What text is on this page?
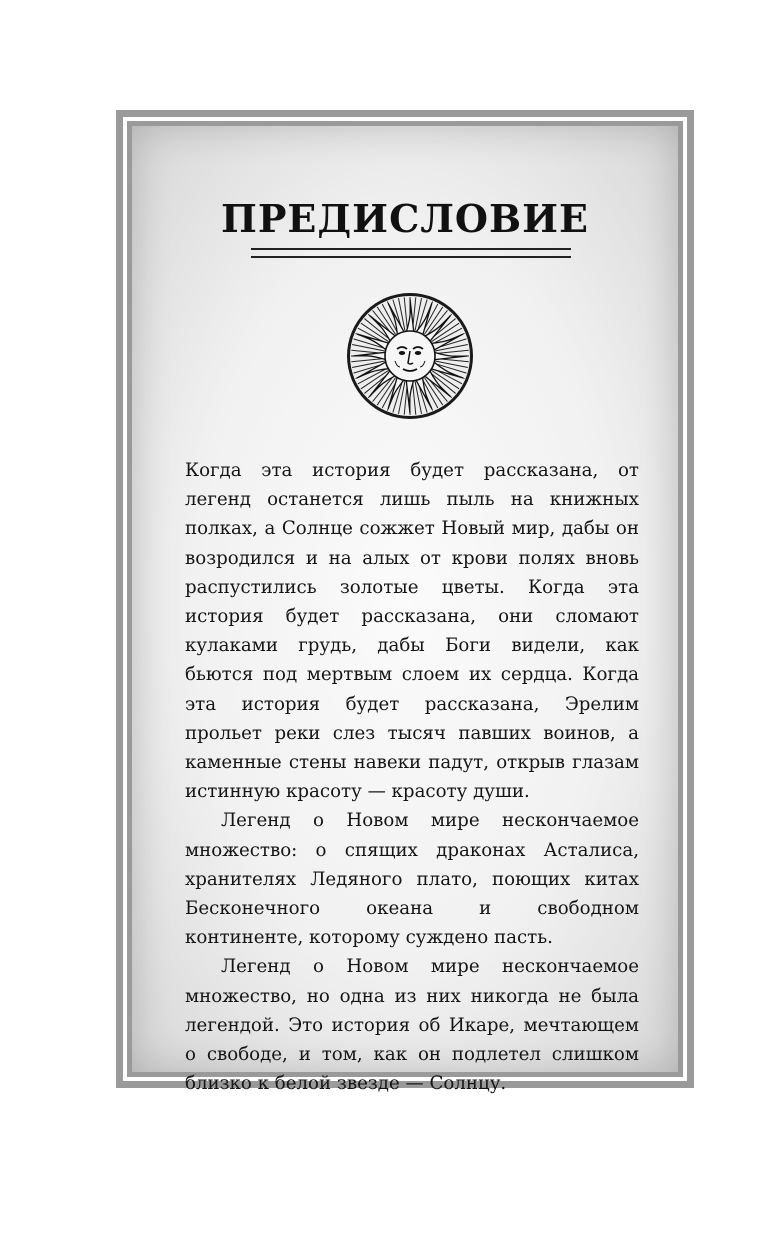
ПРЕДИСЛОВИЕ

Когда эта история будет рассказана, от легенд останется лишь пыль на книжных полках, а Солнце сожжет Новый мир, дабы он возродился и на алых от крови полях вновь распустились золотые цветы. Когда эта история будет рассказана, они сломают кулаками грудь, дабы Боги видели, как бьются под мертвым слоем их сердца. Когда эта история будет рассказана, Эрелим прольет реки слез тысяч павших воинов, а каменные стены навеки падут, открыв глазам истинную красоту — красоту души.

Легенд о Новом мире нескончаемое множество: о спящих драконах Асталиса, хранителях Ледяного плато, поющих китах Бесконечного океана и свободном континенте, которому суждено пасть.

Легенд о Новом мире нескончаемое множество, но одна из них никогда не была легендой. Это история об Икаре, мечтающем о свободе, и том, как он подлетел слишком близко к белой звезде — Солнцу.
